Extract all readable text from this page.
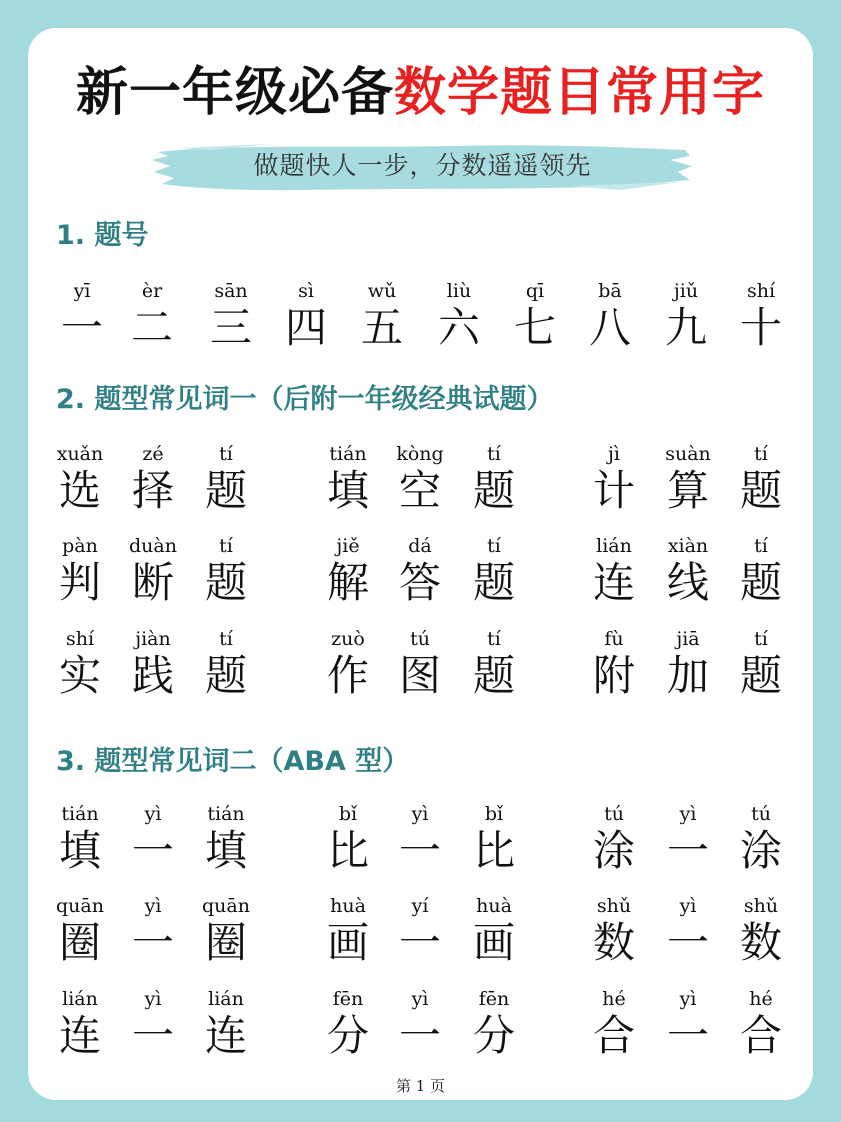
新一年级必备数学题目常用字
做题快人一步，分数遥遥领先
1. 题号
yī
一
èr
二
sān
三
sì
四
wǔ
五
liù
六
qī
七
bā
八
jiǔ
九
shí
十
2. 题型常见词一（后附一年级经典试题）
xuǎn
选
zé
择
tí
题
tián
填
kòng
空
tí
题
jì
计
suàn
算
tí
题
pàn
判
duàn
断
tí
题
jiě
解
dá
答
tí
题
lián
连
xiàn
线
tí
题
shí
实
jiàn
践
tí
题
zuò
作
tú
图
tí
题
fù
附
jiā
加
tí
题
3. 题型常见词二（ABA 型）
tián
填
yì
一
tián
填
bǐ
比
yì
一
bǐ
比
tú
涂
yì
一
tú
涂
quān
圈
yì
一
quān
圈
huà
画
yí
一
huà
画
shǔ
数
yì
一
shǔ
数
lián
连
yì
一
lián
连
fēn
分
yì
一
fēn
分
hé
合
yì
一
hé
合
第 1 页
